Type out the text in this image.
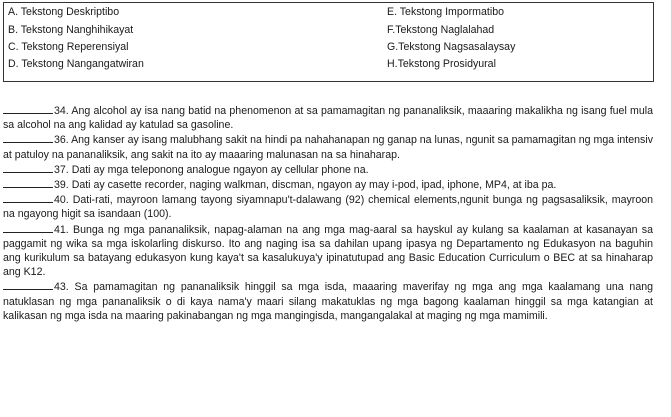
A. Tekstong Deskriptibo	E. Tekstong Impormatibo
B. Tekstong Nanghihikayat	F.Tekstong Naglalahad
C. Tekstong Reperensiyal	G.Tekstong Nagsasalaysay
D. Tekstong Nangangatwiran	H.Tekstong Prosidyural

34. Ang alcohol ay isa nang batid na phenomenon at sa pamamagitan ng pananaliksik, maaaring makalikha ng isang fuel mula sa alcohol na ang kalidad ay katulad sa gasoline.

36. Ang kanser ay isang malubhang sakit na hindi pa nahahanapan ng ganap na lunas, ngunit sa pamamagitan ng mga intensiv at patuloy na pananaliksik, ang sakit na ito ay maaaring malunasan na sa hinaharap.

37. Dati ay mga teleponong analogue ngayon ay cellular phone na.

39. Dati ay casette recorder, naging walkman, discman, ngayon ay may i-pod, ipad, iphone, MP4, at iba pa.

40. Dati-rati, mayroon lamang tayong siyamnapu't-dalawang (92) chemical elements,ngunit bunga ng pagsasaliksik, mayroon na ngayong higit sa isandaan (100).

41. Bunga ng mga pananaliksik, napag-alaman na ang mga mag-aaral sa hayskul ay kulang sa kaalaman at kasanayan sa paggamit ng wika sa mga iskolarling diskurso. Ito ang naging isa sa dahilan upang ipasya ng Departamento ng Edukasyon na baguhin ang kurikulum sa batayang edukasyon kung kaya't sa kasalukuya'y ipinatutupad ang Basic Education Curriculum o BEC at sa hinaharap ang K12.

43. Sa pamamagitan ng pananaliksik hinggil sa mga isda, maaaring maverifay ng mga ang mga kaalamang una nang natuklasan ng mga pananaliksik o di kaya nama'y maari silang makatuklas ng mga bagong kaalaman hinggil sa mga katangian at kalikasan ng mga isda na maaring pakinabangan ng mga mangingisda, mangangalakal at maging ng mga mamimili.
